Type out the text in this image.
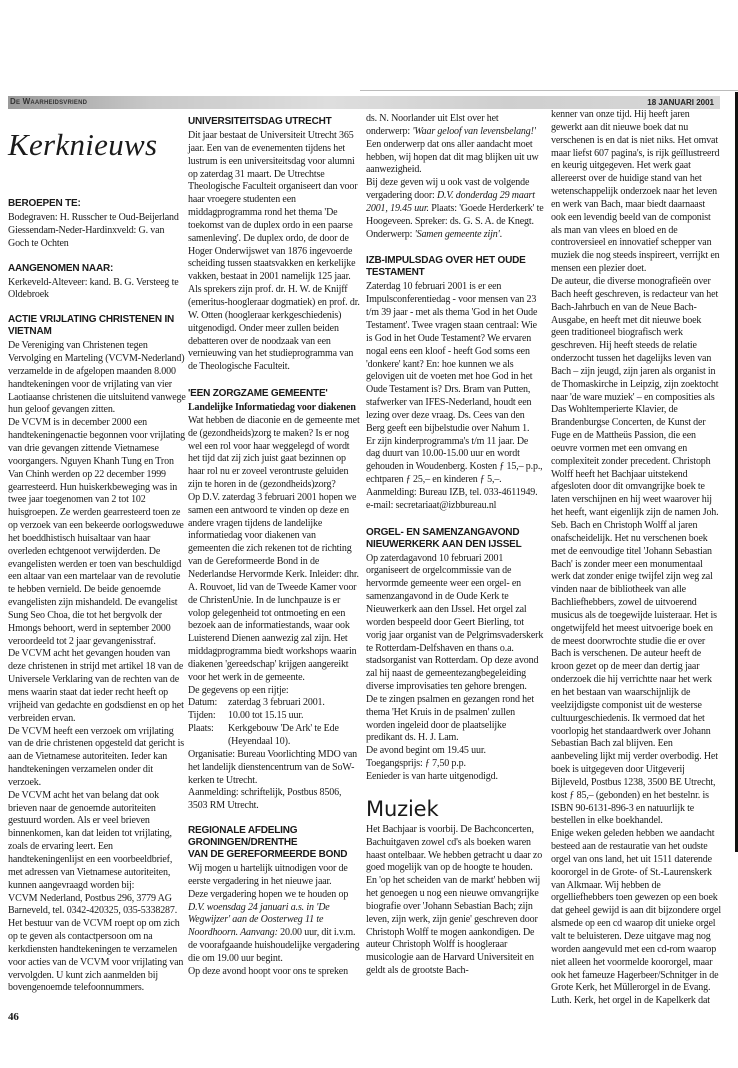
De Waarheidsvriend	18 JANUARI 2001
Kerknieuws
BEROEPEN TE:

Bodegraven: H. Russcher te Oud-Beijerland

Giessendam-Neder-Hardinxveld: G. van Goch te Ochten

AANGENOMEN NAAR:

Kerkeveld-Alteveer: kand. B. G. Versteeg te Oldebroek

ACTIE VRIJLATING CHRISTENEN IN VIETNAM

De Vereniging van Christenen tegen Vervolging en Marteling (VCVM-Nederland) verzamelde in de afgelopen maanden 8.000 handtekeningen voor de vrijlating van vier Laotiaanse christenen die uitsluitend vanwege hun geloof gevangen zitten.

De VCVM is in december 2000 een handtekeningenactie begonnen voor vrijlating van drie gevangen zittende Vietnamese voorgangers. Nguyen Khanh Tung en Tron Van Chinh werden op 22 december 1999 gearresteerd. Hun huiskerkbeweging was in twee jaar toegenomen van 2 tot 102 huisgroepen. Ze werden gearresteerd toen ze op verzoek van een bekeerde oorlogsweduwe het boeddhistisch huisaltaar van haar overleden echtgenoot verwijderden. De evangelisten werden er toen van beschuldigd een altaar van een martelaar van de revolutie te hebben vernield. De beide genoemde evangelisten zijn mishandeld. De evangelist Sung Seo Choa, die tot het bergvolk der Hmongs behoort, werd in september 2000 veroordeeld tot 2 jaar gevangenisstraf.

De VCVM acht het gevangen houden van deze christenen in strijd met artikel 18 van de Universele Verklaring van de rechten van de mens waarin staat dat ieder recht heeft op vrijheid van gedachte en godsdienst en op het verbreiden ervan.

De VCVM heeft een verzoek om vrijlating van de drie christenen opgesteld dat gericht is aan de Vietnamese autoriteiten. Ieder kan handtekeningen verzamelen onder dit verzoek.

De VCVM acht het van belang dat ook brieven naar de genoemde autoriteiten gestuurd worden. Als er veel brieven binnenkomen, kan dat leiden tot vrijlating, zoals de ervaring leert. Een handtekeningenlijst en een voorbeeldbrief, met adressen van Vietnamese autoriteiten, kunnen aangevraagd worden bij:

VCVM Nederland, Postbus 296, 3779 AG Barneveld, tel. 0342-420325, 035-5338287. Het bestuur van de VCVM roept op om zich op te geven als contactpersoon om na kerkdiensten handtekeningen te verzamelen voor acties van de VCVM voor vrijlating van vervolgden. U kunt zich aanmelden bij bovengenoemde telefoonnummers.

46
UNIVERSITEITSDAG UTRECHT

Dit jaar bestaat de Universiteit Utrecht 365 jaar. Een van de evenementen tijdens het lustrum is een universiteitsdag voor alumni op zaterdag 31 maart. De Utrechtse Theologische Faculteit organiseert dan voor haar vroegere studenten een middagprogramma rond het thema 'De toekomst van de duplex ordo in een paarse samenleving'. De duplex ordo, de door de Hoger Onderwijswet van 1876 ingevoerde scheiding tussen staatsvakken en kerkelijke vakken, bestaat in 2001 namelijk 125 jaar. Als sprekers zijn prof. dr. H. W. de Knijff (emeritus-hoogleraar dogmatiek) en prof. dr. W. Otten (hoogleraar kerkgeschiedenis) uitgenodigd. Onder meer zullen beiden debatteren over de noodzaak van een vernieuwing van het studieprogramma van de Theologische Faculteit.

'EEN ZORGZAME GEMEENTE'

Landelijke Informatiedag voor diakenen

Wat hebben de diaconie en de gemeente met de (gezondheids)zorg te maken? Is er nog wel een rol voor haar weggelegd of wordt het tijd dat zij zich juist gaat bezinnen op haar rol nu er zoveel verontruste geluiden zijn te horen in de (gezondheids)zorg?

Op D.V. zaterdag 3 februari 2001 hopen we samen een antwoord te vinden op deze en andere vragen tijdens de landelijke informatiedag voor diakenen van gemeenten die zich rekenen tot de richting van de Gereformeerde Bond in de Nederlandse Hervormde Kerk. Inleider: dhr. A. Rouvoet, lid van de Tweede Kamer voor de ChristenUnie. In de lunchpauze is er volop gelegenheid tot ontmoeting en een bezoek aan de informatiestands, waar ook Luisterend Dienen aanwezig zal zijn. Het middagprogramma biedt workshops waarin diakenen 'gereedschap' krijgen aangereikt voor het werk in de gemeente.

De gegevens op een rijtje:

Datum:	zaterdag 3 februari 2001.
Tijden:	10.00 tot 15.15 uur.
Plaats:	Kerkgebouw 'De Ark' te Ede (Heyendaal 10).

Organisatie: Bureau Voorlichting MDO van het landelijk dienstencentrum van de SoW-kerken te Utrecht.

Aanmelding: schriftelijk, Postbus 8506, 3503 RM Utrecht.

REGIONALE AFDELING GRONINGEN/DRENTHE
VAN DE GEREFORMEERDE BOND

Wij mogen u hartelijk uitnodigen voor de eerste vergadering in het nieuwe jaar.

Deze vergadering hopen we te houden op D.V. woensdag 24 januari a.s. in 'De Wegwijzer' aan de Oosterweg 11 te Noordhoorn. Aanvang: 20.00 uur, dit i.v.m. de voorafgaande huishoudelijke vergadering die om 19.00 uur begint.

Op deze avond hoopt voor ons te spreken

ds. N. Noorlander uit Elst over het onderwerp: 'Waar geloof van levensbelang!' Een onderwerp dat ons aller aandacht moet hebben, wij hopen dat dit mag blijken uit uw aanwezigheid.

Bij deze geven wij u ook vast de volgende vergadering door: D.V. donderdag 29 maart 2001, 19.45 uur. Plaats: 'Goede Herderkerk' te Hoogeveen. Spreker: ds. G. S. A. de Knegt. Onderwerp: 'Samen gemeente zijn'.

IZB-IMPULSDAG OVER HET OUDE TESTAMENT

Zaterdag 10 februari 2001 is er een Impulsconferentiedag - voor mensen van 23 t/m 39 jaar - met als thema 'God in het Oude Testament'. Twee vragen staan centraal: Wie is God in het Oude Testament? We ervaren nogal eens een kloof - heeft God soms een 'donkere' kant? En: hoe kunnen we als gelovigen uit de voeten met hoe God in het Oude Testament is? Drs. Bram van Putten, stafwerker van IFES-Nederland, houdt een lezing over deze vraag. Ds. Cees van den Berg geeft een bijbelstudie over Nahum 1.

Er zijn kinderprogramma's t/m 11 jaar. De dag duurt van 10.00-15.00 uur en wordt gehouden in Woudenberg. Kosten ƒ 15,– p.p., echtparen ƒ 25,– en kinderen ƒ 5,–. Aanmelding: Bureau IZB, tel. 033-4611949.

e-mail: secretariaat@izbbureau.nl

ORGEL- EN SAMENZANGAVOND NIEUWERKERK AAN DEN IJSSEL

Op zaterdagavond 10 februari 2001 organiseert de orgelcommissie van de hervormde gemeente weer een orgel- en samenzangavond in de Oude Kerk te Nieuwerkerk aan den IJssel. Het orgel zal worden bespeeld door Geert Bierling, tot vorig jaar organist van de Pelgrimsvaderskerk te Rotterdam-Delfshaven en thans o.a. stadsorganist van Rotterdam. Op deze avond zal hij naast de gemeentezangbegeleiding diverse improvisaties ten gehore brengen.

De te zingen psalmen en gezangen rond het thema 'Het Kruis in de psalmen' zullen worden ingeleid door de plaatselijke predikant ds. H. J. Lam.

De avond begint om 19.45 uur. Toegangsprijs: ƒ 7,50 p.p.

Eenieder is van harte uitgenodigd.

Muziek

Het Bachjaar is voorbij. De Bachconcerten, Bachuitgaven zowel cd's als boeken waren haast ontelbaar. We hebben getracht u daar zo goed mogelijk van op de hoogte te houden. En 'op het scheiden van de markt' hebben wij het genoegen u nog een nieuwe omvangrijke biografie over 'Johann Sebastian Bach; zijn leven, zijn werk, zijn genie' geschreven door Christoph Wolff te mogen aankondigen. De auteur Christoph Wolff is hoogleraar musicologie aan de Harvard Universiteit en geldt als de grootste Bach-

kenner van onze tijd. Hij heeft jaren gewerkt aan dit nieuwe boek dat nu verschenen is en dat is niet niks. Het omvat maar liefst 607 pagina's, is rijk geïllustreerd en keurig uitgegeven. Het werk gaat allereerst over de huidige stand van het wetenschappelijk onderzoek naar het leven en werk van Bach, maar biedt daarnaast ook een levendig beeld van de componist als man van vlees en bloed en de controversieel en innovatief schepper van muziek die nog steeds inspireert, verrijkt en mensen een plezier doet.

De auteur, die diverse monografieën over Bach heeft geschreven, is redacteur van het Bach-Jahrbuch en van de Neue Bach-Ausgabe, en heeft met dit nieuwe boek geen traditioneel biografisch werk geschreven. Hij heeft steeds de relatie onderzocht tussen het dagelijks leven van Bach – zijn jeugd, zijn jaren als organist in de Thomaskirche in Leipzig, zijn zoektocht naar 'de ware muziek' – en composities als Das Wohltemperierte Klavier, de Brandenburgse Concerten, de Kunst der Fuge en de Mattheüs Passion, die een oeuvre vormen met een omvang en complexiteit zonder precedent. Christoph Wolff heeft het Bachjaar uitstekend afgesloten door dit omvangrijke boek te laten verschijnen en hij weet waarover hij het heeft, want eigenlijk zijn de namen Joh. Seb. Bach en Christoph Wolff al jaren onafscheidelijk. Het nu verschenen boek met de eenvoudige titel 'Johann Sebastian Bach' is zonder meer een monumentaal werk dat zonder enige twijfel zijn weg zal vinden naar de bibliotheek van alle Bachliefhebbers, zowel de uitvoerend musicus als de toegewijde luisteraar. Het is ongetwijfeld het meest uitvoerige boek en de meest doorwrochte studie die er over Bach is verschenen. De auteur heeft de kroon gezet op de meer dan dertig jaar onderzoek die hij verrichtte naar het werk en het bestaan van waarschijnlijk de veelzijdigste componist uit de westerse cultuurgeschiedenis. Ik vermoed dat het voorlopig het standaardwerk over Johann Sebastian Bach zal blijven. Een aanbeveling lijkt mij verder overbodig. Het boek is uitgegeven door Uitgeverij Bijleveld, Postbus 1238, 3500 BE Utrecht, kost ƒ 85,– (gebonden) en het bestelnr. is ISBN 90-6131-896-3 en natuurlijk te bestellen in elke boekhandel.

Enige weken geleden hebben we aandacht besteed aan de restauratie van het oudste orgel van ons land, het uit 1511 daterende koororgel in de Grote- of St.-Laurenskerk van Alkmaar. Wij hebben de orgelliefhebbers toen gewezen op een boek dat geheel gewijd is aan dit bijzondere orgel alsmede op een cd waarop dit unieke orgel valt te beluisteren. Deze uitgave mag nog worden aangevuld met een cd-rom waarop niet alleen het voormelde koororgel, maar ook het fameuze Hagerbeer/Schnitger in de Grote Kerk, het Müllerorgel in de Evang. Luth. Kerk, het orgel in de Kapelkerk dat
